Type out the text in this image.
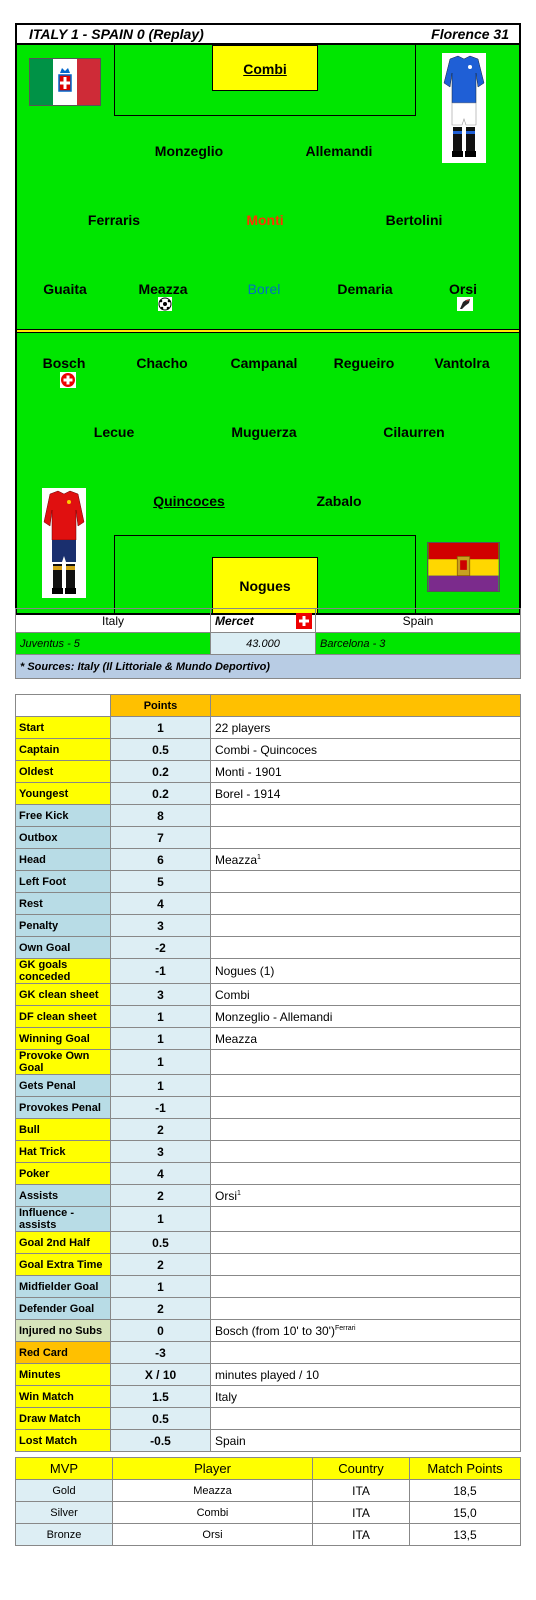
ITALY 1 - SPAIN 0 (Replay)	Florence 31
Combi
Monzeglio	Allemandi
Ferraris	Monti	Bertolini
Guaita	Meazza	Borel	Demaria	Orsi
Bosch	Chacho	Campanal	Regueiro	Vantolra
Lecue	Muguerza	Cilaurren
Quincoces	Zabalo
Nogues
Italy	Mercet	Spain
Juventus - 5	43.000	Barcelona - 3
* Sources: Italy (Il Littoriale & Mundo Deportivo)		
	Points	
Start	1	22 players
Captain	0.5	Combi - Quincoces
Oldest	0.2	Monti - 1901
Youngest	0.2	Borel - 1914
Free Kick	8	
Outbox	7	
Head	6	Meazza$^1$
Left Foot	5	
Rest	4	
Penalty	3	
Own Goal	-2	
GK goals conceded	-1	Nogues (1)
GK clean sheet	3	Combi
DF clean sheet	1	Monzeglio - Allemandi
Winning Goal	1	Meazza
Provoke Own Goal	1	
Gets Penal	1	
Provokes Penal	-1	
Bull	2	
Hat Trick	3	
Poker	4	
Assists	2	Orsi$^1$
Influence - assists	1	
Goal 2nd Half	0.5	
Goal Extra Time	2	
Midfielder Goal	1	
Defender Goal	2	
Injured no Subs	0	Bosch (from 10' to 30')$^{Ferrari}$
Red Card	-3	
Minutes	X / 10	minutes played / 10
Win Match	1.5	Italy
Draw Match	0.5	
Lost Match	-0.5	Spain
MVP	Player	Country	Match Points
Gold	Meazza	ITA	18,5
Silver	Combi	ITA	15,0
Bronze	Orsi	ITA	13,5
